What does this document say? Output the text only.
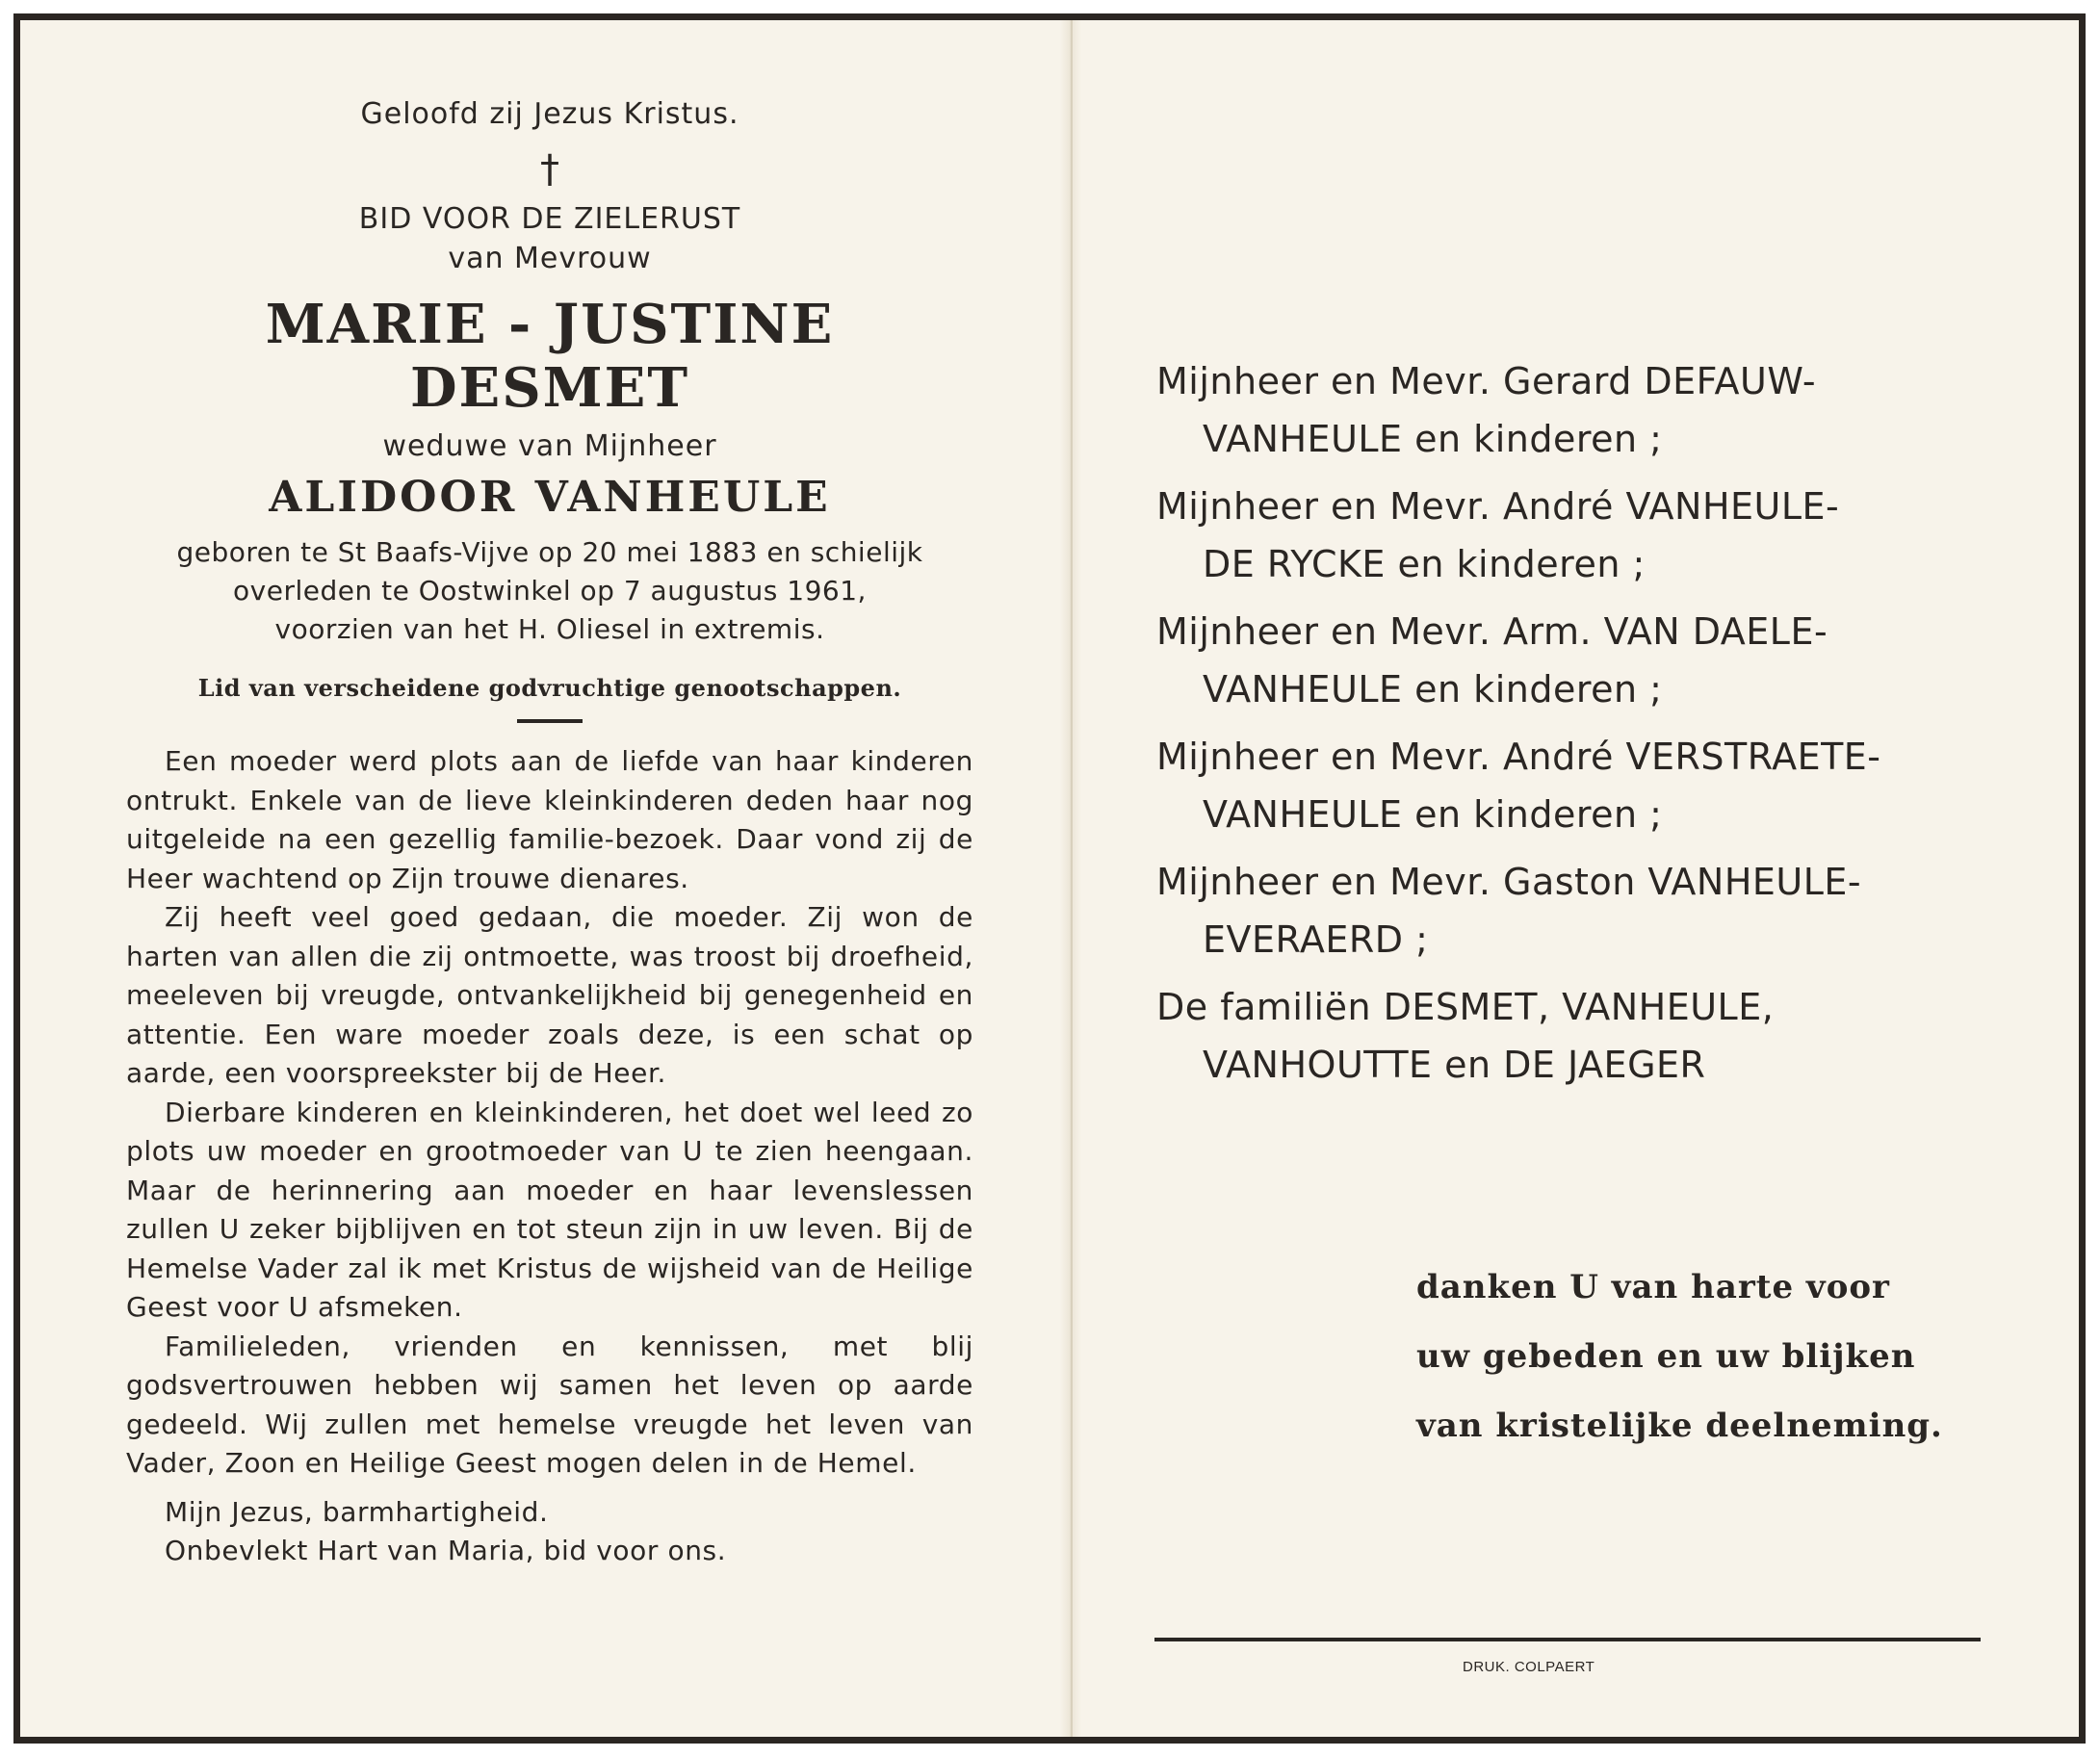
Geloofd zij Jezus Kristus.
†
BID VOOR DE ZIELERUST
van Mevrouw
MARIE - JUSTINE DESMET
weduwe van Mijnheer
ALIDOOR VANHEULE
geboren te St Baafs-Vijve op 20 mei 1883 en schielijk
overleden te Oostwinkel op 7 augustus 1961,
voorzien van het H. Oliesel in extremis.
Lid van verscheidene godvruchtige genootschappen.

Een moeder werd plots aan de liefde van haar kinderen ontrukt. Enkele van de lieve kleinkinderen deden haar nog uitgeleide na een gezellig familie-bezoek. Daar vond zij de Heer wachtend op Zijn trouwe dienares.

Zij heeft veel goed gedaan, die moeder. Zij won de harten van allen die zij ontmoette, was troost bij droefheid, meeleven bij vreugde, ontvankelijkheid bij genegenheid en attentie. Een ware moeder zoals deze, is een schat op aarde, een voorspreekster bij de Heer.

Dierbare kinderen en kleinkinderen, het doet wel leed zo plots uw moeder en grootmoeder van U te zien heengaan. Maar de herinnering aan moeder en haar levenslessen zullen U zeker bijblijven en tot steun zijn in uw leven. Bij de Hemelse Vader zal ik met Kristus de wijsheid van de Heilige Geest voor U afsmeken.

Familieleden, vrienden en kennissen, met blij godsvertrouwen hebben wij samen het leven op aarde gedeeld. Wij zullen met hemelse vreugde het leven van Vader, Zoon en Heilige Geest mogen delen in de Hemel.

Mijn Jezus, barmhartigheid.
Onbevlekt Hart van Maria, bid voor ons.
Mijnheer en Mevr. Gerard DEFAUW-
VANHEULE en kinderen ;
Mijnheer en Mevr. André VANHEULE-
DE RYCKE en kinderen ;
Mijnheer en Mevr. Arm. VAN DAELE-
VANHEULE en kinderen ;
Mijnheer en Mevr. André VERSTRAETE-
VANHEULE en kinderen ;
Mijnheer en Mevr. Gaston VANHEULE-
EVERAERD ;
De familiën DESMET, VANHEULE,
VANHOUTTE en DE JAEGER
danken U van harte voor
uw gebeden en uw blijken
van kristelijke deelneming.
DRUK. COLPAERT
